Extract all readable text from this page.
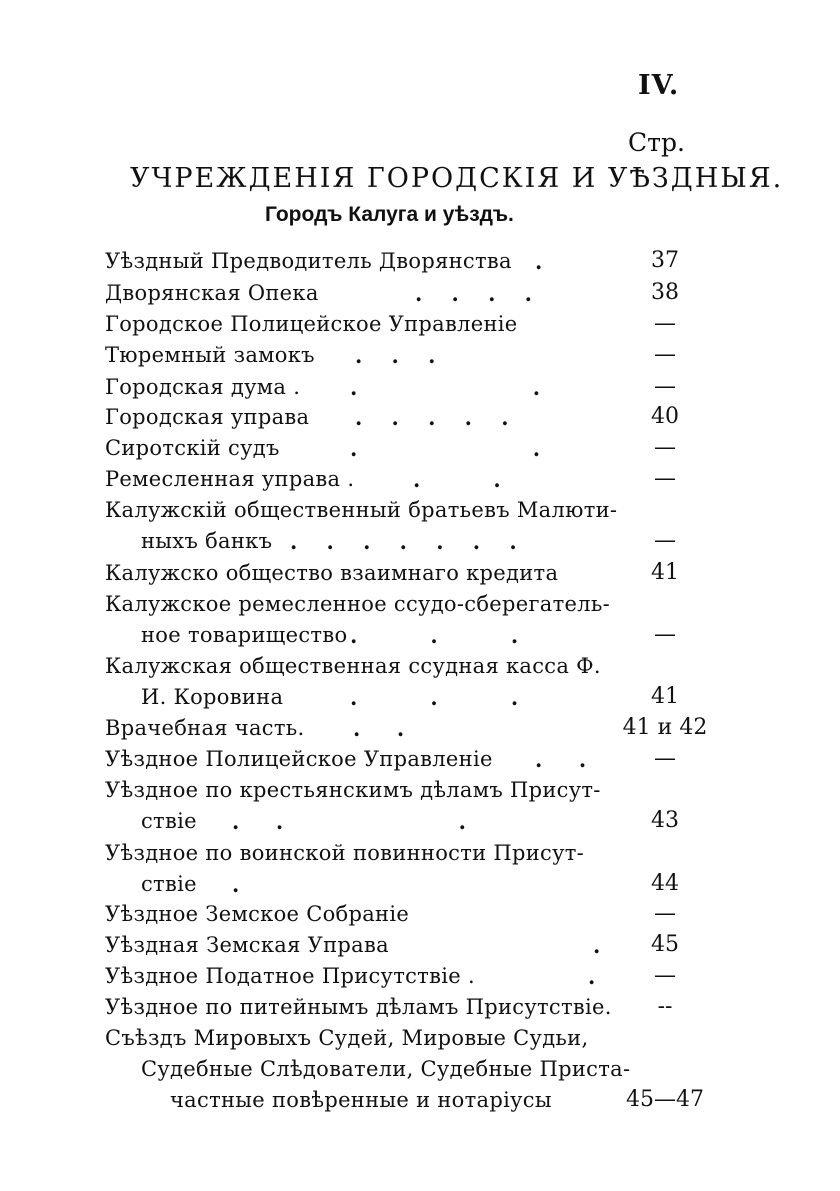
IV.
Стр.
УЧРЕЖДЕНІЯ ГОРОДСКІЯ И УѢЗДНЫЯ.
Городъ Калуга и уѣздъ.
Уѣздный Предводитель Дворянства .	37
Дворянская Опека	.    .    .    .	38
Городское Полицейское Управленіе	—
Тюремный замокъ .    .    .	—
Городская дума . .                        .	—
Городская управа .    .    .    .    .	40
Сиротскій судъ	.                        .	—
Ремесленная управа .	.          .	—
Калужскій общественный братьевъ Малюти-
ныхъ банкъ .    .    .    .    .    .    .	—
Калужско общество взаимнаго кредита	41
Калужское ремесленное ссудо-сберегатель-
ное товарищество .          .          .	—
Калужская общественная ссудная касса Ф.
И. Коровина	.          .          .	41
Врачебная часть. .     .	41 и 42
Уѣздное Полицейское Управленіе .     .	—
Уѣздное по крестьянскимъ дѣламъ Присут-
ствіе .     .                        .	43
Уѣздное по воинской повинности Присут-
ствіе .	44
Уѣздное Земское Собраніе	—
Уѣздная Земская Управа	.	45
Уѣздное Податное Присутствіе .	.	—
Уѣздное по питейнымъ дѣламъ Присутствіе.	--
Съѣздъ Мировыхъ Судей, Мировые Судьи,
Судебные Слѣдователи, Судебные Приста-
частные повѣренные и нотаріусы	45—47
